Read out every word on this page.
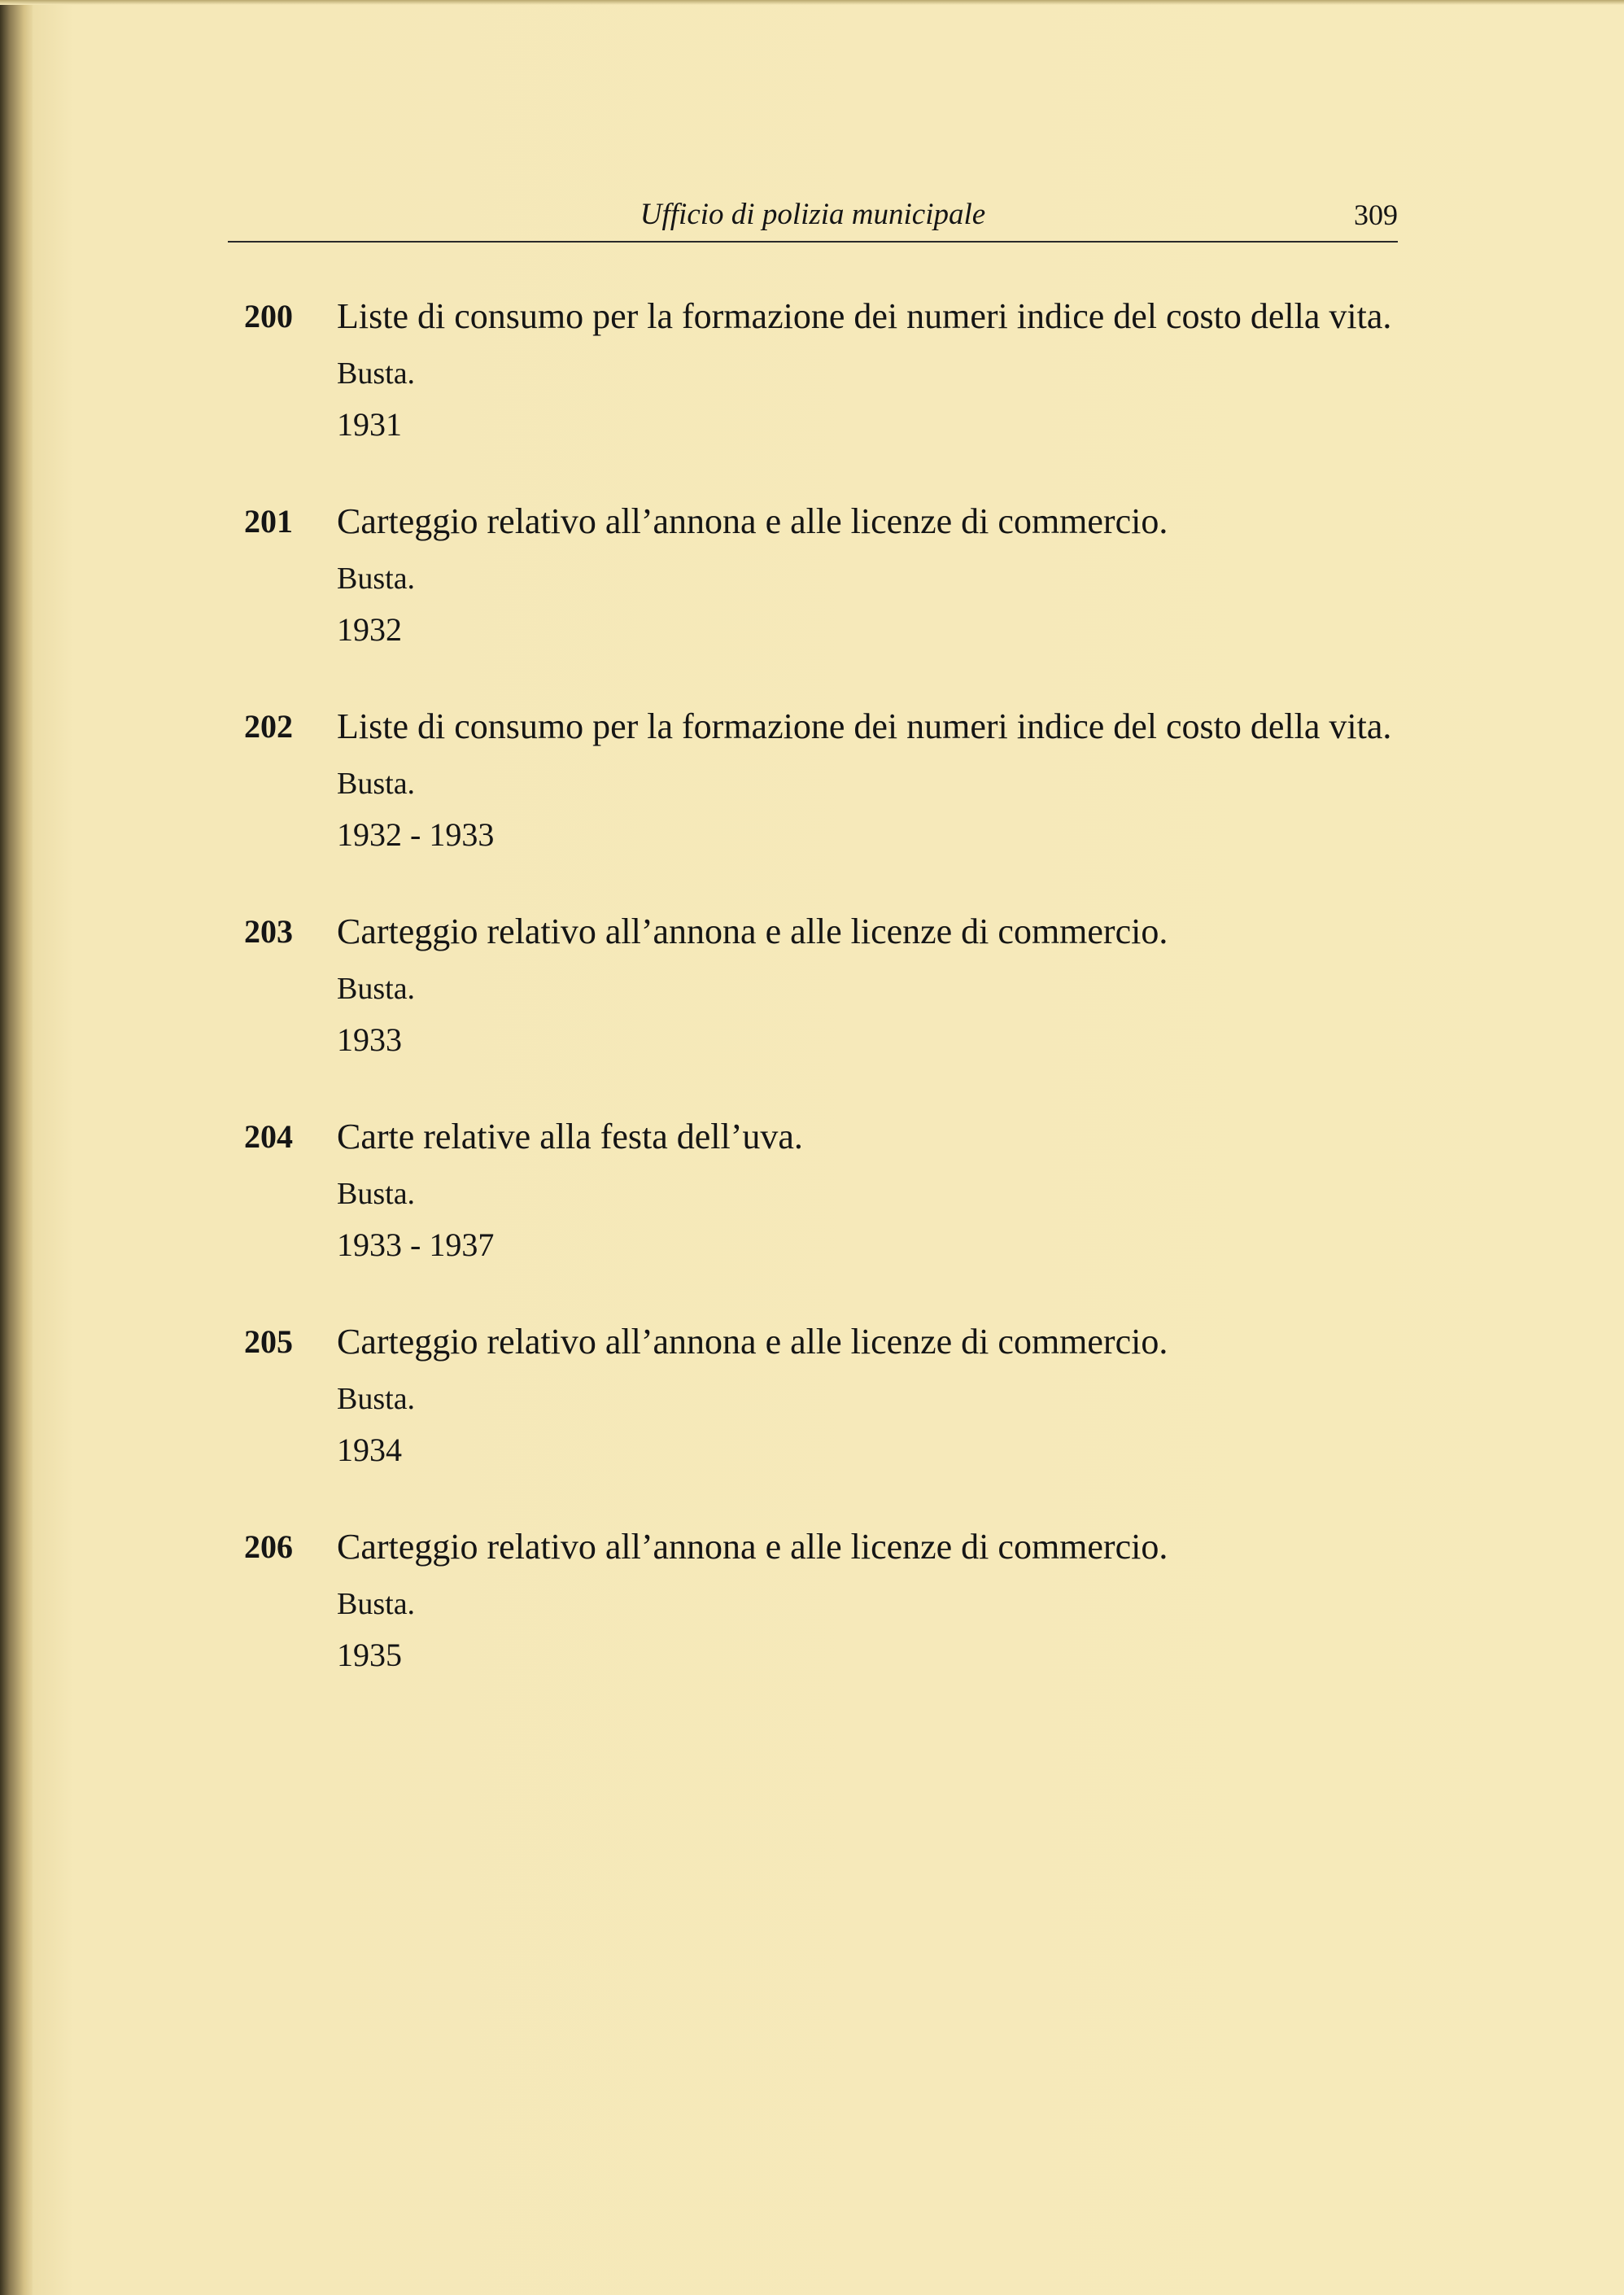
Ufficio di polizia municipale	309
200	Liste di consumo per la formazione dei numeri indice del costo della vita.

Busta.

1931

201	Carteggio relativo all’annona e alle licenze di commercio.

Busta.

1932

202	Liste di consumo per la formazione dei numeri indice del costo della vita.

Busta.

1932 - 1933

203	Carteggio relativo all’annona e alle licenze di commercio.

Busta.

1933

204	Carte relative alla festa dell’uva.

Busta.

1933 - 1937

205	Carteggio relativo all’annona e alle licenze di commercio.

Busta.

1934

206	Carteggio relativo all’annona e alle licenze di commercio.

Busta.

1935
